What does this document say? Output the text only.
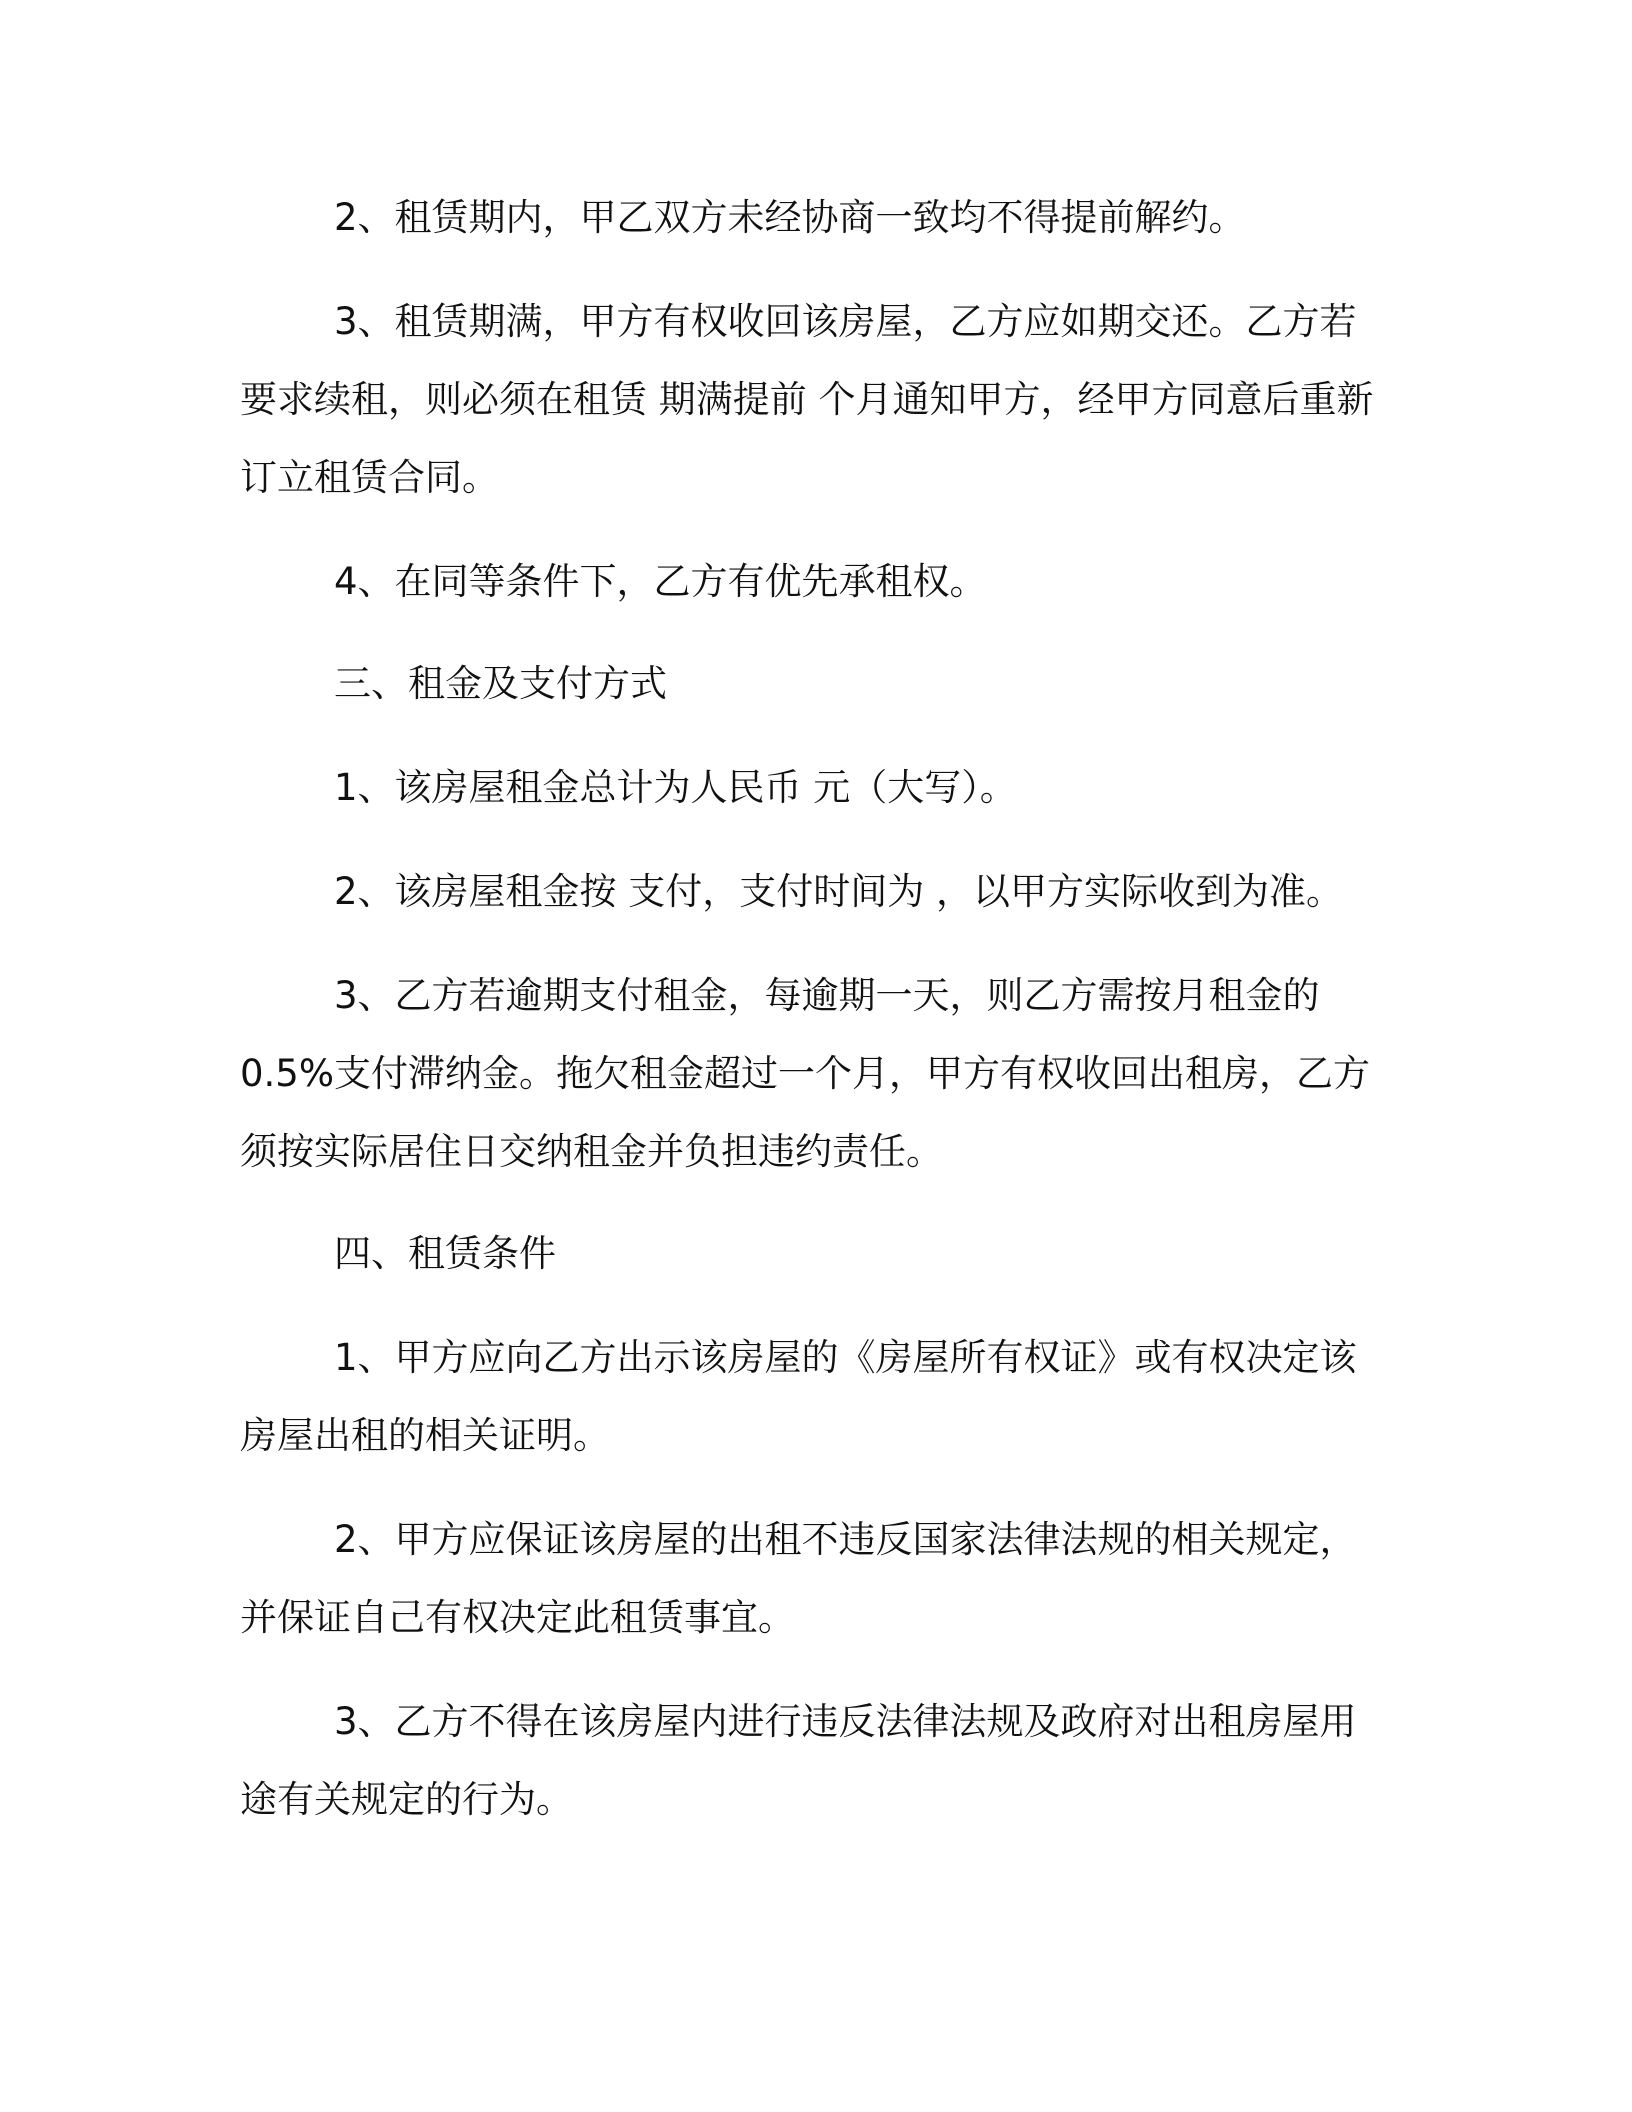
2、租赁期内，甲乙双方未经协商一致均不得提前解约。

3、租赁期满，甲方有权收回该房屋，乙方应如期交还。乙方若

要求续租，则必须在租赁 期满提前 个月通知甲方，经甲方同意后重新

订立租赁合同。

4、在同等条件下，乙方有优先承租权。

三、租金及支付方式

1、该房屋租金总计为人民币 元（大写）。

2、该房屋租金按 支付，支付时间为 ，以甲方实际收到为准。

3、乙方若逾期支付租金，每逾期一天，则乙方需按月租金的

0.5%支付滞纳金。拖欠租金超过一个月，甲方有权收回出租房，乙方

须按实际居住日交纳租金并负担违约责任。

四、租赁条件

1、甲方应向乙方出示该房屋的《房屋所有权证》或有权决定该

房屋出租的相关证明。

2、甲方应保证该房屋的出租不违反国家法律法规的相关规定，

并保证自己有权决定此租赁事宜。

3、乙方不得在该房屋内进行违反法律法规及政府对出租房屋用

途有关规定的行为。
